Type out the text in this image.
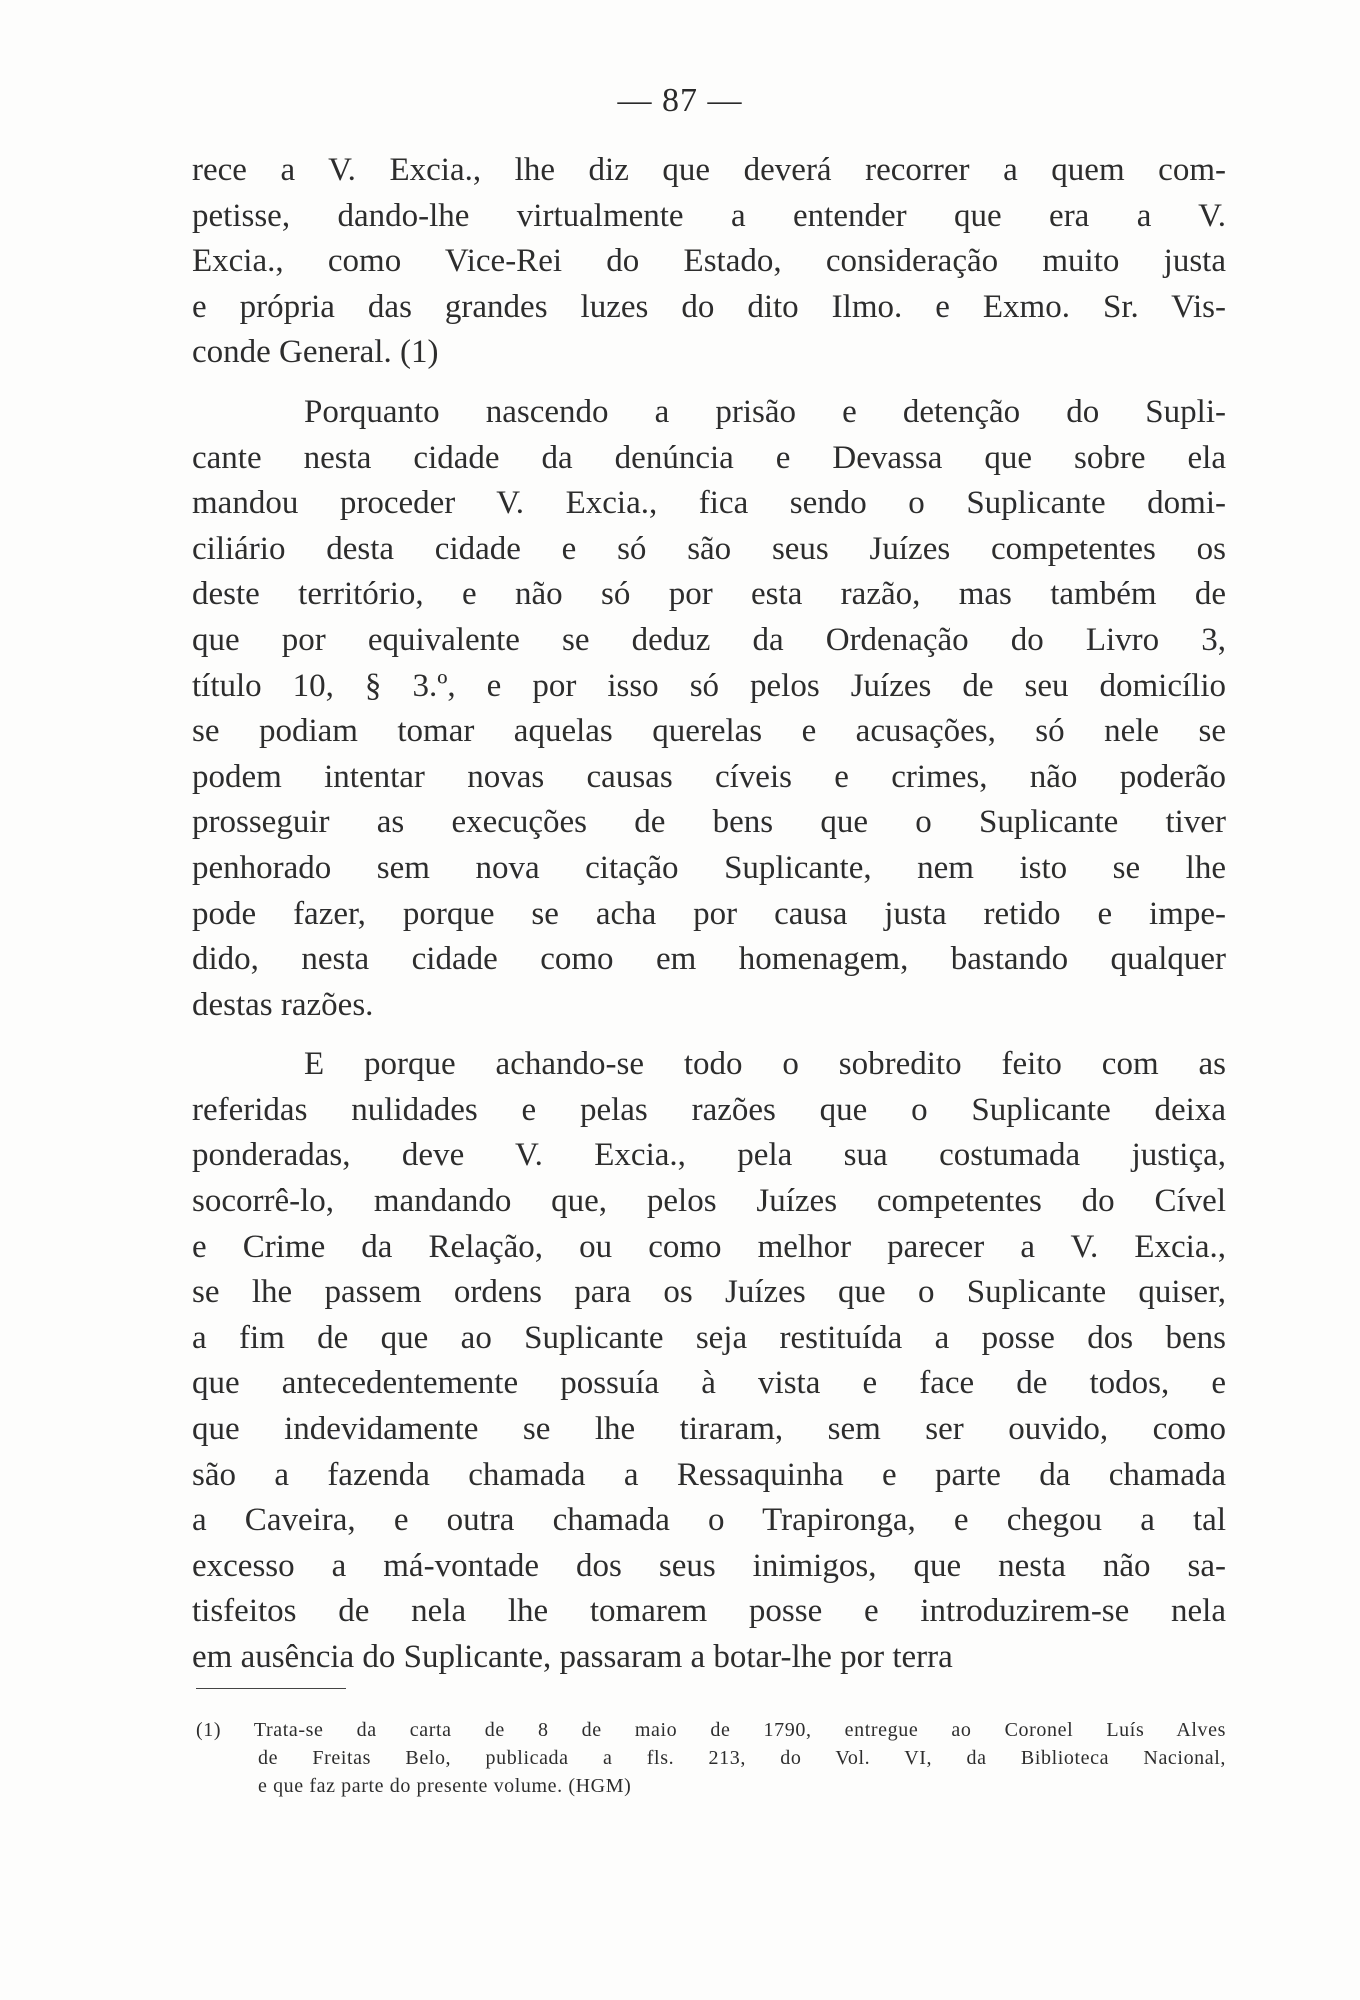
— 87 —

rece a V. Excia., lhe diz que deverá recorrer a quem com-
petisse, dando-lhe virtualmente a entender que era a V.
Excia., como Vice-Rei do Estado, consideração muito justa
e própria das grandes luzes do dito Ilmo. e Exmo. Sr. Vis-
conde General. (1)

Porquanto nascendo a prisão e detenção do Supli-
cante nesta cidade da denúncia e Devassa que sobre ela
mandou proceder V. Excia., fica sendo o Suplicante domi-
ciliário desta cidade e só são seus Juízes competentes os
deste território, e não só por esta razão, mas também de
que por equivalente se deduz da Ordenação do Livro 3,
título 10, § 3.º, e por isso só pelos Juízes de seu domicílio
se podiam tomar aquelas querelas e acusações, só nele se
podem intentar novas causas cíveis e crimes, não poderão
prosseguir as execuções de bens que o Suplicante tiver
penhorado sem nova citação Suplicante, nem isto se lhe
pode fazer, porque se acha por causa justa retido e impe-
dido, nesta cidade como em homenagem, bastando qualquer
destas razões.

E porque achando-se todo o sobredito feito com as
referidas nulidades e pelas razões que o Suplicante deixa
ponderadas, deve V. Excia., pela sua costumada justiça,
socorrê-lo, mandando que, pelos Juízes competentes do Cível
e Crime da Relação, ou como melhor parecer a V. Excia.,
se lhe passem ordens para os Juízes que o Suplicante quiser,
a fim de que ao Suplicante seja restituída a posse dos bens
que antecedentemente possuía à vista e face de todos, e
que indevidamente se lhe tiraram, sem ser ouvido, como
são a fazenda chamada a Ressaquinha e parte da chamada
a Caveira, e outra chamada o Trapironga, e chegou a tal
excesso a má-vontade dos seus inimigos, que nesta não sa-
tisfeitos de nela lhe tomarem posse e introduzirem-se nela
em ausência do Suplicante, passaram a botar-lhe por terra

(1) Trata-se da carta de 8 de maio de 1790, entregue ao Coronel Luís Alves
de Freitas Belo, publicada a fls. 213, do Vol. VI, da Biblioteca Nacional,
e que faz parte do presente volume. (HGM)
